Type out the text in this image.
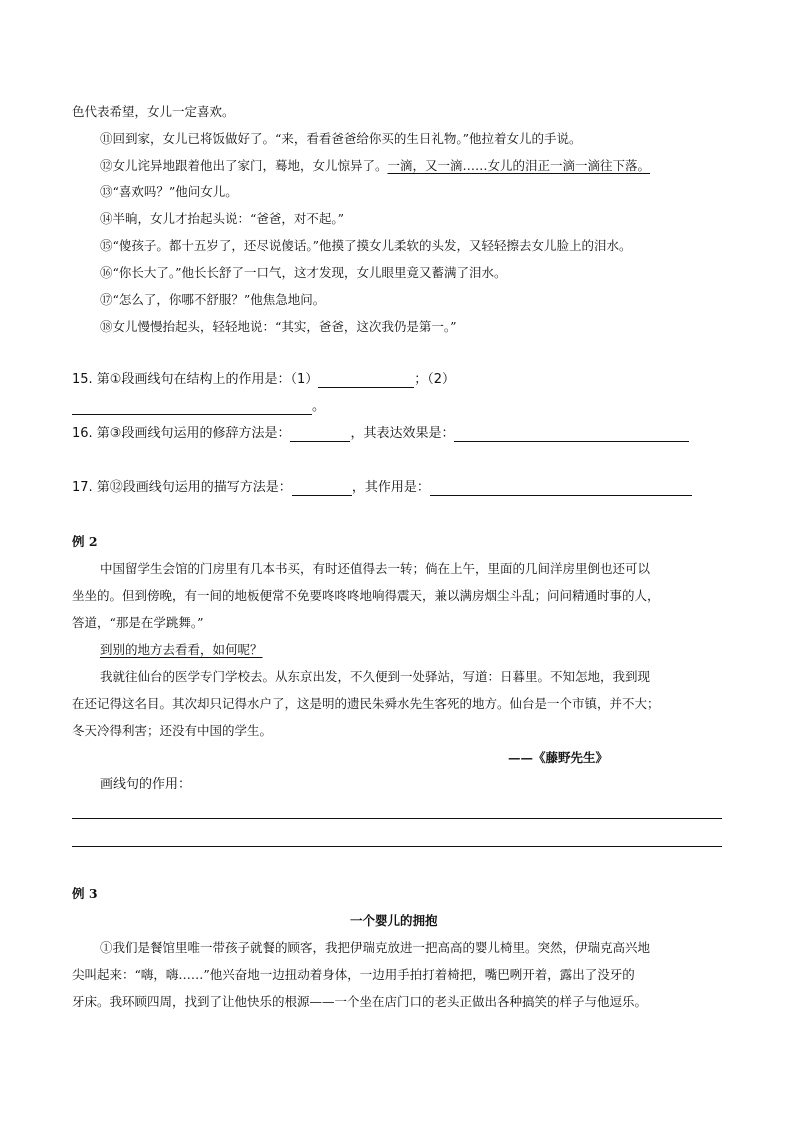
色代表希望，女儿一定喜欢。
⑪回到家，女儿已将饭做好了。“来，看看爸爸给你买的生日礼物。”他拉着女儿的手说。
⑫女儿诧异地跟着他出了家门，蓦地，女儿惊异了。一滴，又一滴……女儿的泪正一滴一滴往下落。
⑬“喜欢吗？”他问女儿。
⑭半晌，女儿才抬起头说：“爸爸，对不起。”
⑮“傻孩子。都十五岁了，还尽说傻话。”他摸了摸女儿柔软的头发，又轻轻擦去女儿脸上的泪水。
⑯“你长大了。”他长长舒了一口气，这才发现，女儿眼里竟又蓄满了泪水。
⑰“怎么了，你哪不舒服？”他焦急地问。
⑱女儿慢慢抬起头，轻轻地说：“其实，爸爸，这次我仍是第一。”
15. 第①段画线句在结构上的作用是：（1）	；（2）
。
16. 第③段画线句运用的修辞方法是：	，其表达效果是：
17. 第⑫段画线句运用的描写方法是：	，其作用是：
例 2
中国留学生会馆的门房里有几本书买，有时还值得去一转；倘在上午，里面的几间洋房里倒也还可以
坐坐的。但到傍晚，有一间的地板便常不免要咚咚咚地响得震天，兼以满房烟尘斗乱；问问精通时事的人，
答道，“那是在学跳舞。”
到别的地方去看看，如何呢？
我就往仙台的医学专门学校去。从东京出发，不久便到一处驿站，写道：日暮里。不知怎地，我到现
在还记得这名目。其次却只记得水户了，这是明的遗民朱舜水先生客死的地方。仙台是一个市镇，并不大；
冬天冷得利害；还没有中国的学生。
——《藤野先生》
画线句的作用：
例 3
一个婴儿的拥抱
①我们是餐馆里唯一带孩子就餐的顾客，我把伊瑞克放进一把高高的婴儿椅里。突然，伊瑞克高兴地
尖叫起来：“嗨，嗨……”他兴奋地一边扭动着身体，一边用手拍打着椅把，嘴巴咧开着，露出了没牙的
牙床。我环顾四周，找到了让他快乐的根源——一个坐在店门口的老头正做出各种搞笑的样子与他逗乐。
